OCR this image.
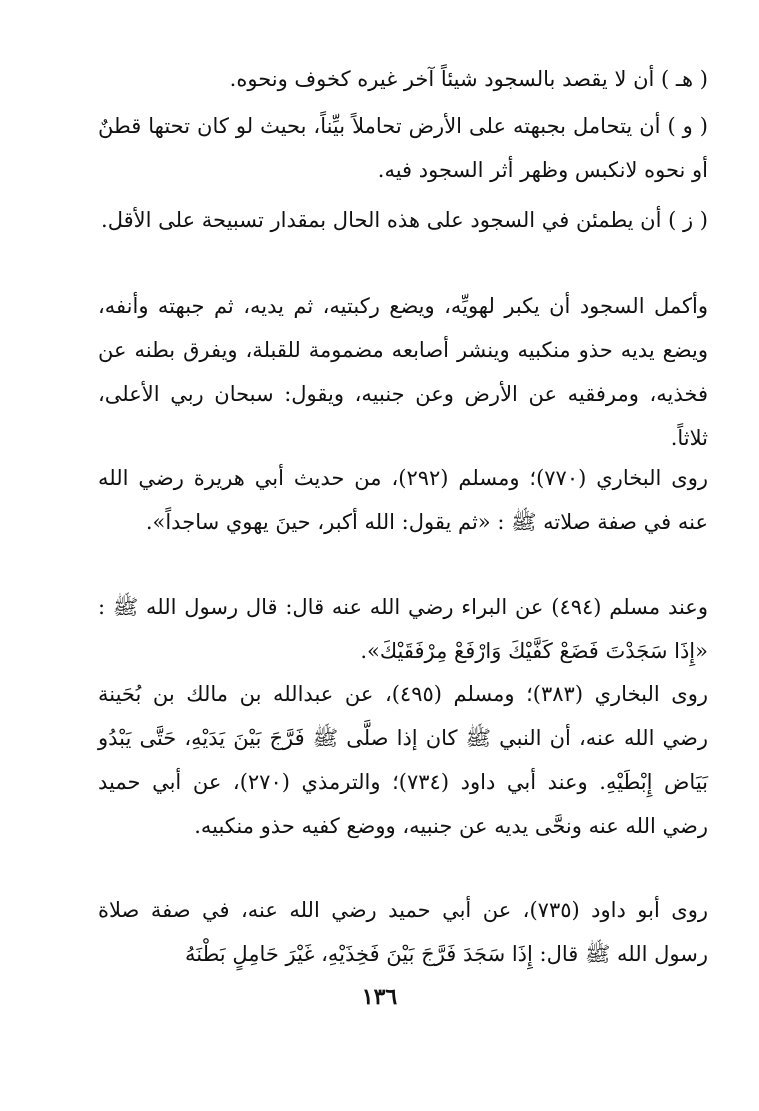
( هـ ) أن لا يقصد بالسجود شيئاً آخر غيره كخوف ونحوه.

( و ) أن يتحامل بجبهته على الأرض تحاملاً بيِّناً، بحيث لو كان تحتها قطنٌ أو نحوه لانكبس وظهر أثر السجود فيه.

( ز ) أن يطمئن في السجود على هذه الحال بمقدار تسبيحة على الأقل.

وأكمل السجود أن يكبر لهويِّه، ويضع ركبتيه، ثم يديه، ثم جبهته وأنفه، ويضع يديه حذو منكبيه وينشر أصابعه مضمومة للقبلة، ويفرق بطنه عن فخذيه، ومرفقيه عن الأرض وعن جنبيه، ويقول: سبحان ربي الأعلى، ثلاثاً.

روى البخاري (٧٧٠)؛ ومسلم (٢٩٢)، من حديث أبي هريرة رضي الله عنه في صفة صلاته ﷺ : «ثم يقول: الله أكبر، حينَ يهوي ساجداً».

وعند مسلم (٤٩٤) عن البراء رضي الله عنه قال: قال رسول الله ﷺ : «إِذَا سَجَدْتَ فَضَعْ كَفَّيْكَ وَارْفَعْ مِرْفَقَيْكَ».

روى البخاري (٣٨٣)؛ ومسلم (٤٩٥)، عن عبدالله بن مالك بن بُحَينة رضي الله عنه، أن النبي ﷺ كان إذا صلَّى ﷺ فَرَّجَ بَيْنَ يَدَيْهِ، حَتَّى يَبْدُو بَيَاض إِبْطَيْهِ. وعند أبي داود (٧٣٤)؛ والترمذي (٢٧٠)، عن أبي حميد رضي الله عنه ونحَّى يديه عن جنبيه، ووضع كفيه حذو منكبيه.

روى أبو داود (٧٣٥)، عن أبي حميد رضي الله عنه، في صفة صلاة رسول الله ﷺ قال: إِذَا سَجَدَ فَرَّجَ بَيْنَ فَخِذَيْهِ، غَيْرَ حَامِلٍ بَطْنَهُ

١٣٦
